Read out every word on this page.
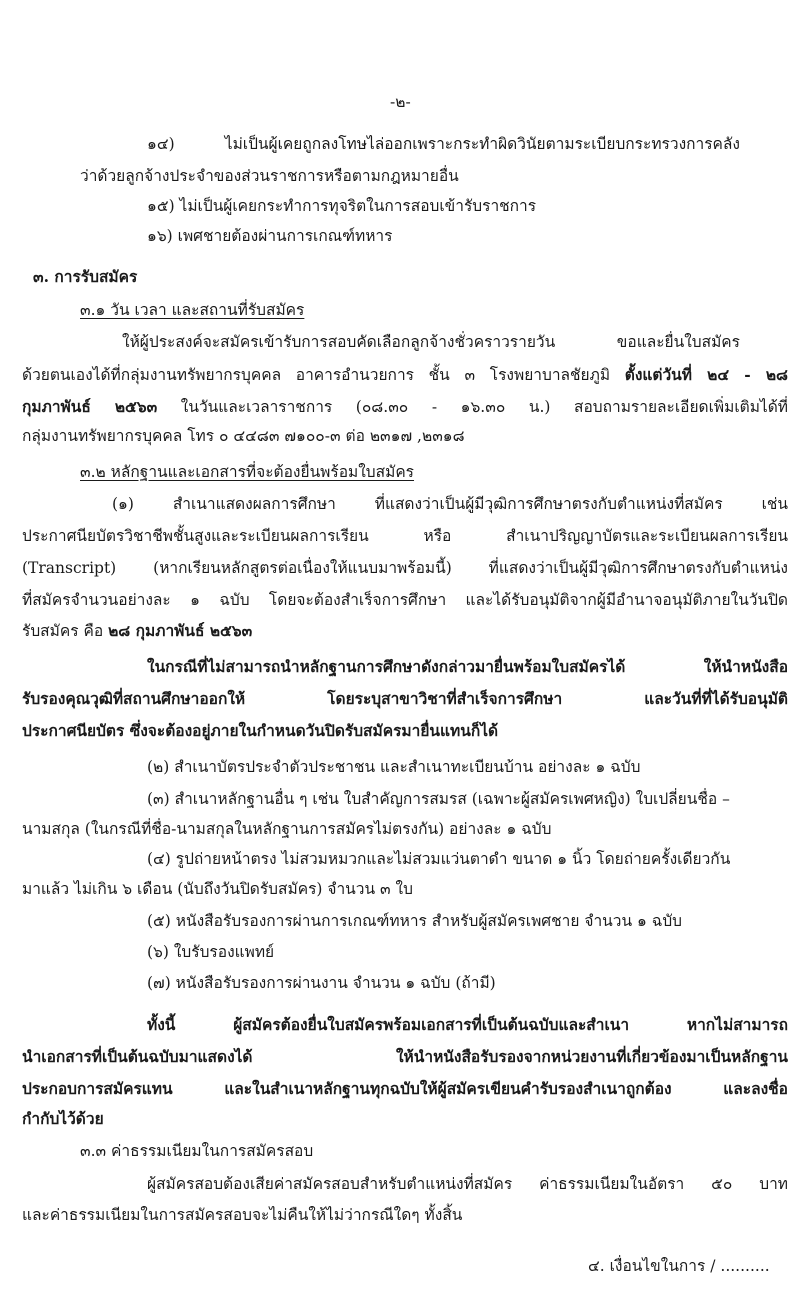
-๒-
๑๔) ไม่เป็นผู้เคยถูกลงโทษไล่ออกเพราะกระทำผิดวินัยตามระเบียบกระทรวงการคลัง
ว่าด้วยลูกจ้างประจำของส่วนราชการหรือตามกฎหมายอื่น
๑๕) ไม่เป็นผู้เคยกระทำการทุจริตในการสอบเข้ารับราชการ
๑๖) เพศชายต้องผ่านการเกณฑ์ทหาร
๓. การรับสมัคร
๓.๑ วัน เวลา และสถานที่รับสมัคร
ให้ผู้ประสงค์จะสมัครเข้ารับการสอบคัดเลือกลูกจ้างชั่วคราวรายวัน ขอและยื่นใบสมัคร
ด้วยตนเองได้ที่กลุ่มงานทรัพยากรบุคคล อาคารอำนวยการ ชั้น ๓ โรงพยาบาลชัยภูมิ ตั้งแต่วันที่ ๒๔ - ๒๘
กุมภาพันธ์ ๒๕๖๓ ในวันและเวลาราชการ (๐๘.๓๐ - ๑๖.๓๐ น.) สอบถามรายละเอียดเพิ่มเติมได้ที่
กลุ่มงานทรัพยากรบุคคล โทร ๐ ๔๔๘๓ ๗๑๐๐-๓ ต่อ ๒๓๑๗ ,๒๓๑๘
๓.๒ หลักฐานและเอกสารที่จะต้องยื่นพร้อมใบสมัคร
(๑) สำเนาแสดงผลการศึกษา ที่แสดงว่าเป็นผู้มีวุฒิการศึกษาตรงกับตำแหน่งที่สมัคร เช่น
ประกาศนียบัตรวิชาชีพชั้นสูงและระเบียนผลการเรียน หรือ สำเนาปริญญาบัตรและระเบียนผลการเรียน
(Transcript) (หากเรียนหลักสูตรต่อเนื่องให้แนบมาพร้อมนี้) ที่แสดงว่าเป็นผู้มีวุฒิการศึกษาตรงกับตำแหน่ง
ที่สมัครจำนวนอย่างละ ๑ ฉบับ โดยจะต้องสำเร็จการศึกษา และได้รับอนุมัติจากผู้มีอำนาจอนุมัติภายในวันปิด
รับสมัคร คือ ๒๘ กุมภาพันธ์ ๒๕๖๓
ในกรณีที่ไม่สามารถนำหลักฐานการศึกษาดังกล่าวมายื่นพร้อมใบสมัครได้ ให้นำหนังสือ
รับรองคุณวุฒิที่สถานศึกษาออกให้ โดยระบุสาขาวิชาที่สำเร็จการศึกษา และวันที่ที่ได้รับอนุมัติ
ประกาศนียบัตร ซึ่งจะต้องอยู่ภายในกำหนดวันปิดรับสมัครมายื่นแทนก็ได้
(๒) สำเนาบัตรประจำตัวประชาชน และสำเนาทะเบียนบ้าน อย่างละ ๑ ฉบับ
(๓) สำเนาหลักฐานอื่น ๆ เช่น ใบสำคัญการสมรส (เฉพาะผู้สมัครเพศหญิง) ใบเปลี่ยนชื่อ –
นามสกุล (ในกรณีที่ชื่อ-นามสกุลในหลักฐานการสมัครไม่ตรงกัน) อย่างละ ๑ ฉบับ
(๔) รูปถ่ายหน้าตรง ไม่สวมหมวกและไม่สวมแว่นตาดำ ขนาด ๑ นิ้ว โดยถ่ายครั้งเดียวกัน
มาแล้ว ไม่เกิน ๖ เดือน (นับถึงวันปิดรับสมัคร) จำนวน ๓ ใบ
(๕) หนังสือรับรองการผ่านการเกณฑ์ทหาร สำหรับผู้สมัครเพศชาย จำนวน ๑ ฉบับ
(๖) ใบรับรองแพทย์
(๗) หนังสือรับรองการผ่านงาน จำนวน ๑ ฉบับ (ถ้ามี)
ทั้งนี้ ผู้สมัครต้องยื่นใบสมัครพร้อมเอกสารที่เป็นต้นฉบับและสำเนา หากไม่สามารถ
นำเอกสารที่เป็นต้นฉบับมาแสดงได้ ให้นำหนังสือรับรองจากหน่วยงานที่เกี่ยวข้องมาเป็นหลักฐาน
ประกอบการสมัครแทน และในสำเนาหลักฐานทุกฉบับให้ผู้สมัครเขียนคำรับรองสำเนาถูกต้อง และลงชื่อ
กำกับไว้ด้วย
๓.๓ ค่าธรรมเนียมในการสมัครสอบ
ผู้สมัครสอบต้องเสียค่าสมัครสอบสำหรับตำแหน่งที่สมัคร ค่าธรรมเนียมในอัตรา ๕๐ บาท
และค่าธรรมเนียมในการสมัครสอบจะไม่คืนให้ไม่ว่ากรณีใดๆ ทั้งสิ้น
๔. เงื่อนไขในการ / ..........
